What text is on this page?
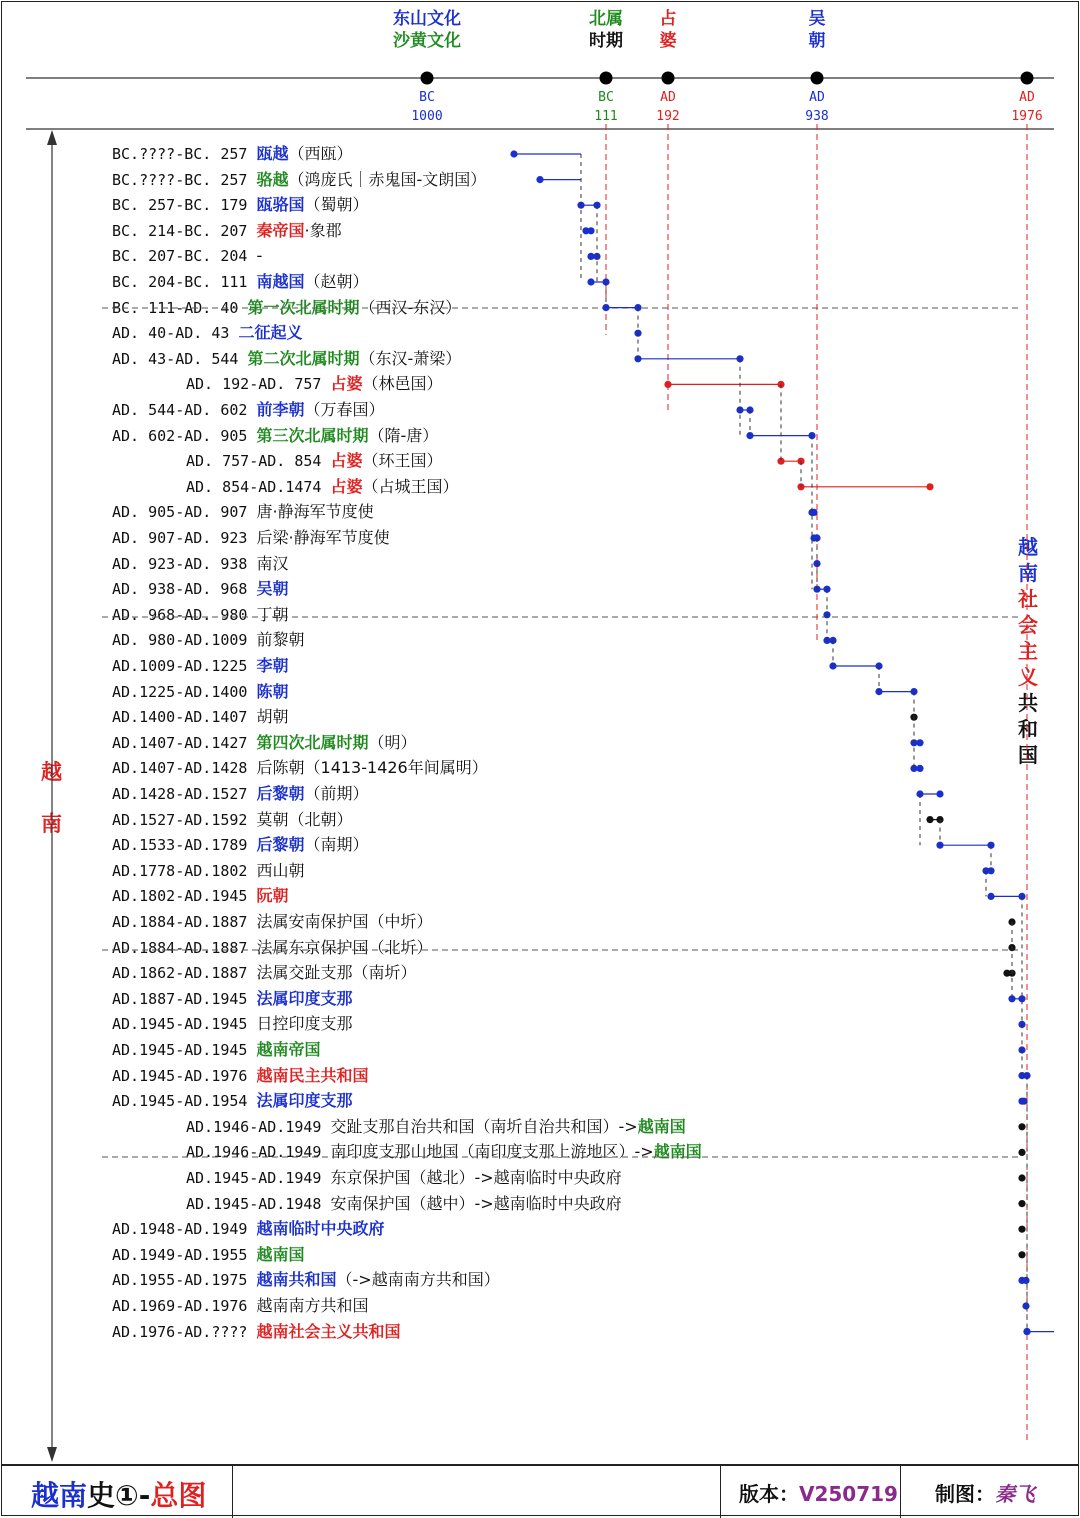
东山文化
沙黄文化
北属
时期
占
婆
吴
朝
BC
1000
BC
111
AD
192
AD
938
AD
1976
BC.????-BC. 257 瓯越（西瓯）
BC.????-BC. 257 骆越（鸿庞氏｜赤鬼国-文朗国）
BC. 257-BC. 179 瓯骆国（蜀朝）
BC. 214-BC. 207 秦帝国·象郡
BC. 207-BC. 204 -
BC. 204-BC. 111 南越国（赵朝）
BC. 111-AD. 40 第一次北属时期（西汉-东汉）
AD. 40-AD. 43 二征起义
AD. 43-AD. 544 第二次北属时期（东汉-萧梁）
AD. 192-AD. 757 占婆（林邑国）
AD. 544-AD. 602 前李朝（万春国）
AD. 602-AD. 905 第三次北属时期（隋-唐）
AD. 757-AD. 854 占婆（环王国）
AD. 854-AD.1474 占婆（占城王国）
AD. 905-AD. 907 唐·静海军节度使
AD. 907-AD. 923 后梁·静海军节度使
AD. 923-AD. 938 南汉
AD. 938-AD. 968 吴朝
AD. 968-AD. 980 丁朝
AD. 980-AD.1009 前黎朝
AD.1009-AD.1225 李朝
AD.1225-AD.1400 陈朝
AD.1400-AD.1407 胡朝
AD.1407-AD.1427 第四次北属时期（明）
AD.1407-AD.1428 后陈朝（1413-1426年间属明）
AD.1428-AD.1527 后黎朝（前期）
AD.1527-AD.1592 莫朝（北朝）
AD.1533-AD.1789 后黎朝（南期）
AD.1778-AD.1802 西山朝
AD.1802-AD.1945 阮朝
AD.1884-AD.1887 法属安南保护国（中圻）
AD.1884-AD.1887 法属东京保护国（北圻）
AD.1862-AD.1887 法属交趾支那（南圻）
AD.1887-AD.1945 法属印度支那
AD.1945-AD.1945 日控印度支那
AD.1945-AD.1945 越南帝国
AD.1945-AD.1976 越南民主共和国
AD.1945-AD.1954 法属印度支那
AD.1946-AD.1949 交趾支那自治共和国（南圻自治共和国）->越南国
AD.1946-AD.1949 南印度支那山地国（南印度支那上游地区）->越南国
AD.1945-AD.1949 东京保护国（越北）->越南临时中央政府
AD.1945-AD.1948 安南保护国（越中）->越南临时中央政府
AD.1948-AD.1949 越南临时中央政府
AD.1949-AD.1955 越南国
AD.1955-AD.1975 越南共和国（->越南南方共和国）
AD.1969-AD.1976 越南南方共和国
AD.1976-AD.???? 越南社会主义共和国
越
南
越
南
社
会
主
义
共
和
国
越南史①-总图	版本：V250719 制图：秦飞
